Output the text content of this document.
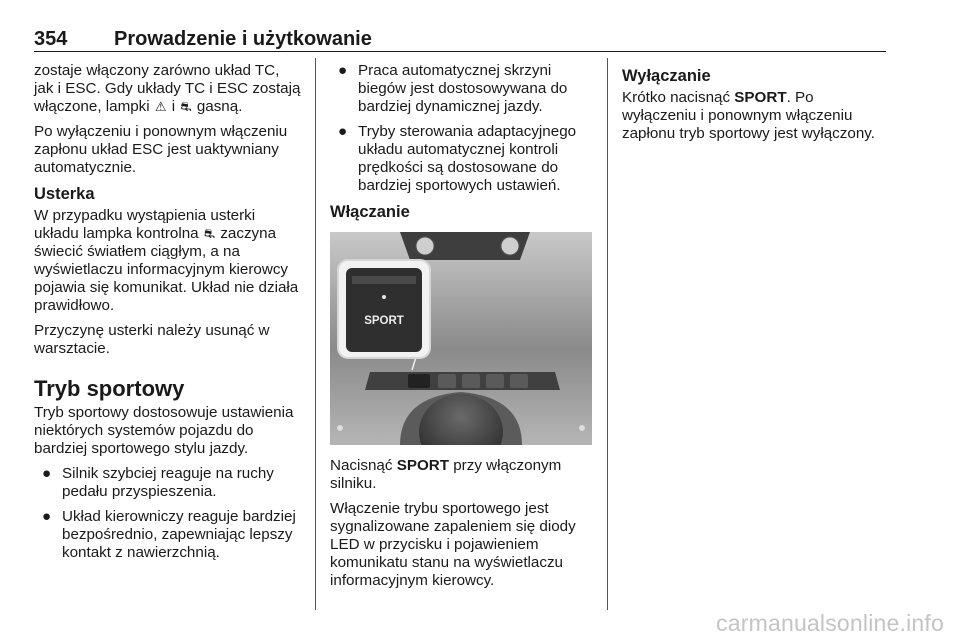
354 Prowadzenie i użytkowanie

zostaje włączony zarówno układ TC, jak i ESC. Gdy układy TC i ESC zostają włączone, lampki ⚠ i ⛐ gasną.

Po wyłączeniu i ponownym włączeniu zapłonu układ ESC jest uaktywniany automatycznie.

Usterka

W przypadku wystąpienia usterki układu lampka kontrolna ⛐ zaczyna świecić światłem ciągłym, a na wyświetlaczu informacyjnym kierowcy pojawia się komunikat. Układ nie działa prawidłowo.

Przyczynę usterki należy usunąć w warsztacie.

Tryb sportowy

Tryb sportowy dostosowuje ustawienia niektórych systemów pojazdu do bardziej sportowego stylu jazdy.

● Silnik szybciej reaguje na ruchy pedału przyspieszenia.
● Układ kierowniczy reaguje bardziej bezpośrednio, zapewniając lepszy kontakt z nawierzchnią.
● Praca automatycznej skrzyni biegów jest dostosowywana do bardziej dynamicznej jazdy.
● Tryby sterowania adaptacyjnego układu automatycznej kontroli prędkości są dostosowane do bardziej sportowych ustawień.
Włączanie
SPORT

Nacisnąć SPORT przy włączonym silniku.

Włączenie trybu sportowego jest sygnalizowane zapaleniem się diody LED w przycisku i pojawieniem komunikatu stanu na wyświetlaczu informacyjnym kierowcy.

Wyłączanie

Krótko nacisnąć SPORT. Po wyłączeniu i ponownym włączeniu zapłonu tryb sportowy jest wyłączony.

carmanualsonline.info
